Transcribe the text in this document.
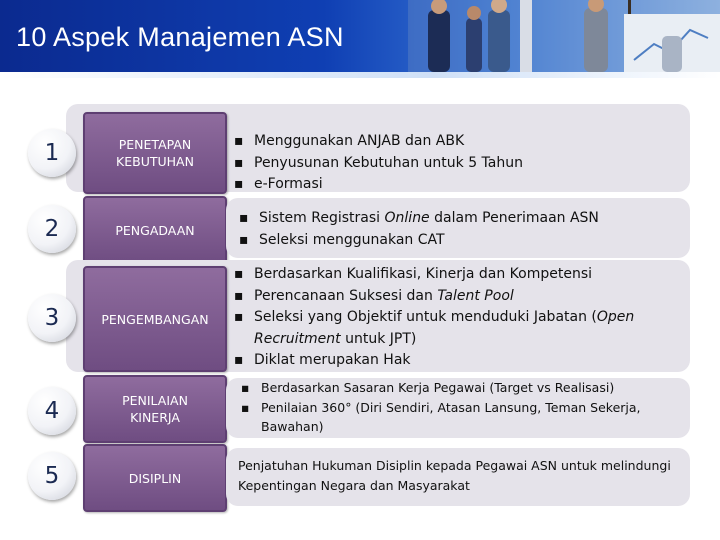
10 Aspek Manajemen ASN
1	PENETAPAN
KEBUTUHAN
▪ Menggunakan ANJAB dan ABK
▪ Penyusunan Kebutuhan untuk 5 Tahun
▪ e-Formasi
2	PENGADAAN
▪ Sistem Registrasi Online dalam Penerimaan ASN
▪ Seleksi menggunakan CAT
3	PENGEMBANGAN
▪ Berdasarkan Kualifikasi, Kinerja dan Kompetensi
▪ Perencanaan Suksesi dan Talent Pool
▪ Seleksi yang Objektif untuk menduduki Jabatan (Open Recruitment untuk JPT)
▪ Diklat merupakan Hak
4	PENILAIAN
KINERJA
▪ Berdasarkan Sasaran Kerja Pegawai (Target vs Realisasi)
▪ Penilaian 360° (Diri Sendiri, Atasan Lansung, Teman Sekerja, Bawahan)
5	DISIPLIN
Penjatuhan Hukuman Disiplin kepada Pegawai ASN untuk melindungi Kepentingan Negara dan Masyarakat
